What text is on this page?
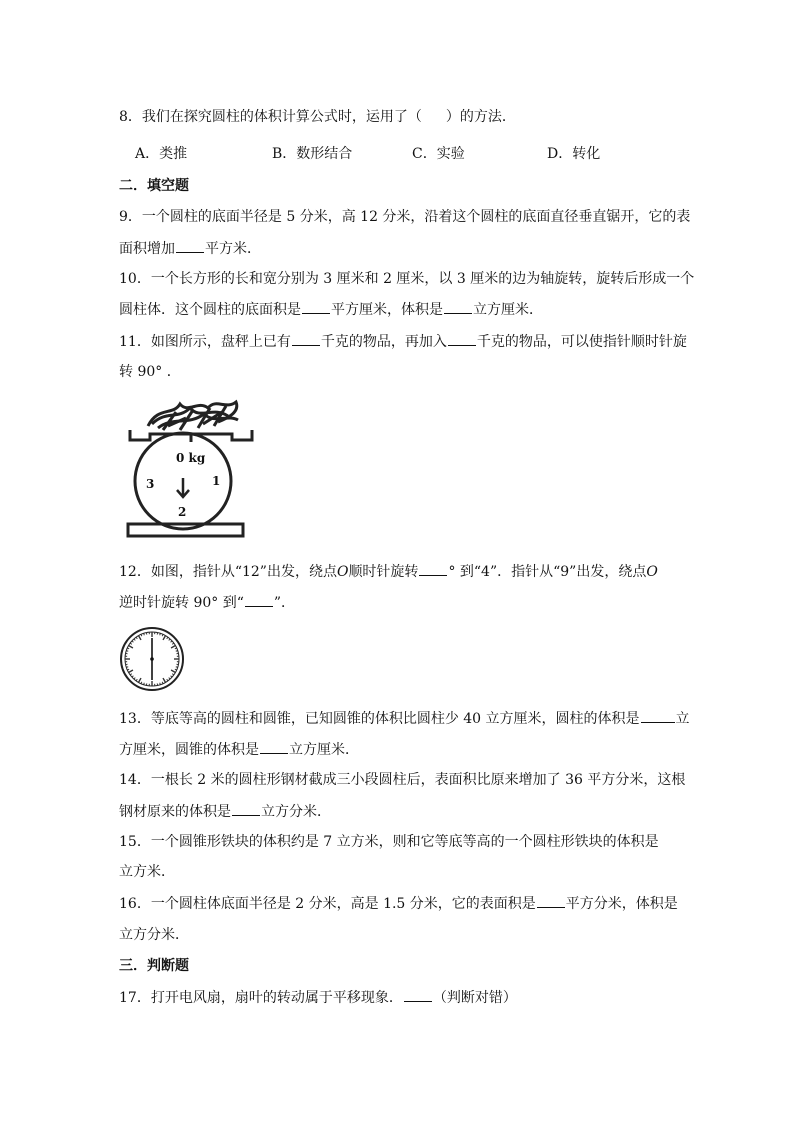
8．我们在探究圆柱的体积计算公式时，运用了（ ）的方法．
A．类推	B．数形结合	C．实验	D．转化
二．填空题
9．一个圆柱的底面半径是 5 分米，高 12 分米，沿着这个圆柱的底面直径垂直锯开，它的表
面积增加 平方米．
10．一个长方形的长和宽分别为 3 厘米和 2 厘米，以 3 厘米的边为轴旋转，旋转后形成一个
圆柱体．这个圆柱的底面积是 平方厘米，体积是 立方厘米．
11．如图所示，盘秤上已有 千克的物品，再加入 千克的物品，可以使指针顺时针旋
转 90° ．
0 kg
1
2
3
12．如图，指针从“12”出发，绕点O顺时针旋转 ° 到“4”．指针从“9”出发，绕点O
逆时针旋转 90° 到“ ”．
13．等底等高的圆柱和圆锥，已知圆锥的体积比圆柱少 40 立方厘米，圆柱的体积是	立
方厘米，圆锥的体积是 立方厘米．
14．一根长 2 米的圆柱形钢材截成三小段圆柱后，表面积比原来增加了 36 平方分米，这根
钢材原来的体积是 立方分米．
15．一个圆锥形铁块的体积约是 7 立方米，则和它等底等高的一个圆柱形铁块的体积是
立方米．
16．一个圆柱体底面半径是 2 分米，高是 1.5 分米，它的表面积是 平方分米，体积是
立方分米．
三．判断题
17．打开电风扇，扇叶的转动属于平移现象． （判断对错）
